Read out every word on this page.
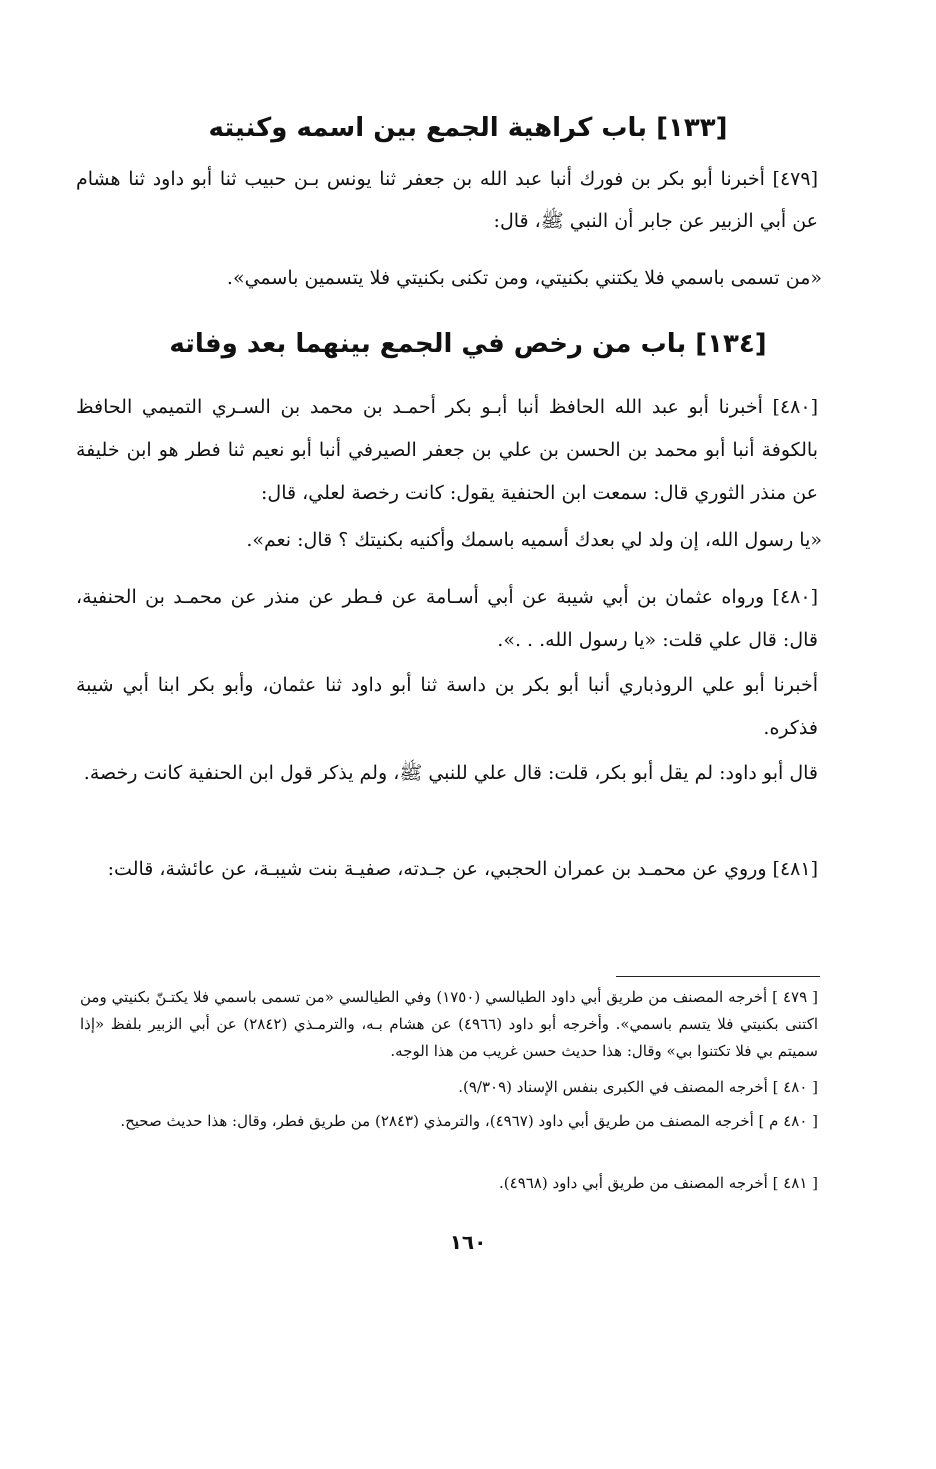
[١٣٣] باب كراهية الجمع بين اسمه وكنيته
[٤٧٩] أخبرنا أبو بكر بن فورك أنبا عبد الله بن جعفر ثنا يونس بـن حبيب ثنا أبو داود ثنا هشام عن أبي الزبير عن جابر أن النبي ﷺ، قال:
«من تسمى باسمي فلا يكتني بكنيتي، ومن تكنى بكنيتي فلا يتسمين باسمي».
[١٣٤] باب من رخص في الجمع بينهما بعد وفاته
[٤٨٠] أخبرنا أبو عبد الله الحافظ أنبا أبـو بكر أحمـد بن محمد بن السـري التميمي الحافظ بالكوفة أنبا أبو محمد بن الحسن بن علي بن جعفر الصيرفي أنبا أبو نعيم ثنا فطر هو ابن خليفة عن منذر الثوري قال: سمعت ابن الحنفية يقول: كانت رخصة لعلي، قال:
«يا رسول الله، إن ولد لي بعدك أسميه باسمك وأكنيه بكنيتك ؟ قال: نعم».
[٤٨٠] ورواه عثمان بن أبي شيبة عن أبي أسـامة عن فـطر عن منذر عن محمـد بن الحنفية، قال: قال علي قلت: «يا رسول الله. . .».
أخبرنا أبو علي الروذباري أنبا أبو بكر بن داسة ثنا أبو داود ثنا عثمان، وأبو بكر ابنا أبي شيبة فذكره.
قال أبو داود: لم يقل أبو بكر، قلت: قال علي للنبي ﷺ، ولم يذكر قول ابن الحنفية كانت رخصة.
[٤٨١] وروي عن محمـد بن عمران الحجبي، عن جـدته، صفيـة بنت شيبـة، عن عائشة، قالت:
[ ٤٧٩ ] أخرجه المصنف من طريق أبي داود الطيالسي (١٧٥٠) وفي الطيالسي «من تسمى باسمي فلا يكتـنّ بكنيتي ومن اكتنى بكنيتي فلا يتسم باسمي». وأخرجه أبو داود (٤٩٦٦) عن هشام بـه، والترمـذي (٢٨٤٢) عن أبي الزبير بلفظ «إذا سميتم بي فلا تكتنوا بي» وقال: هذا حديث حسن غريب من هذا الوجه.
[ ٤٨٠ ] أخرجه المصنف في الكبرى بنفس الإسناد (٩/٣٠٩).
[ ٤٨٠ م ] أخرجه المصنف من طريق أبي داود (٤٩٦٧)، والترمذي (٢٨٤٣) من طريق فطر، وقال: هذا حديث صحيح.
[ ٤٨١ ] أخرجه المصنف من طريق أبي داود (٤٩٦٨).
١٦٠
